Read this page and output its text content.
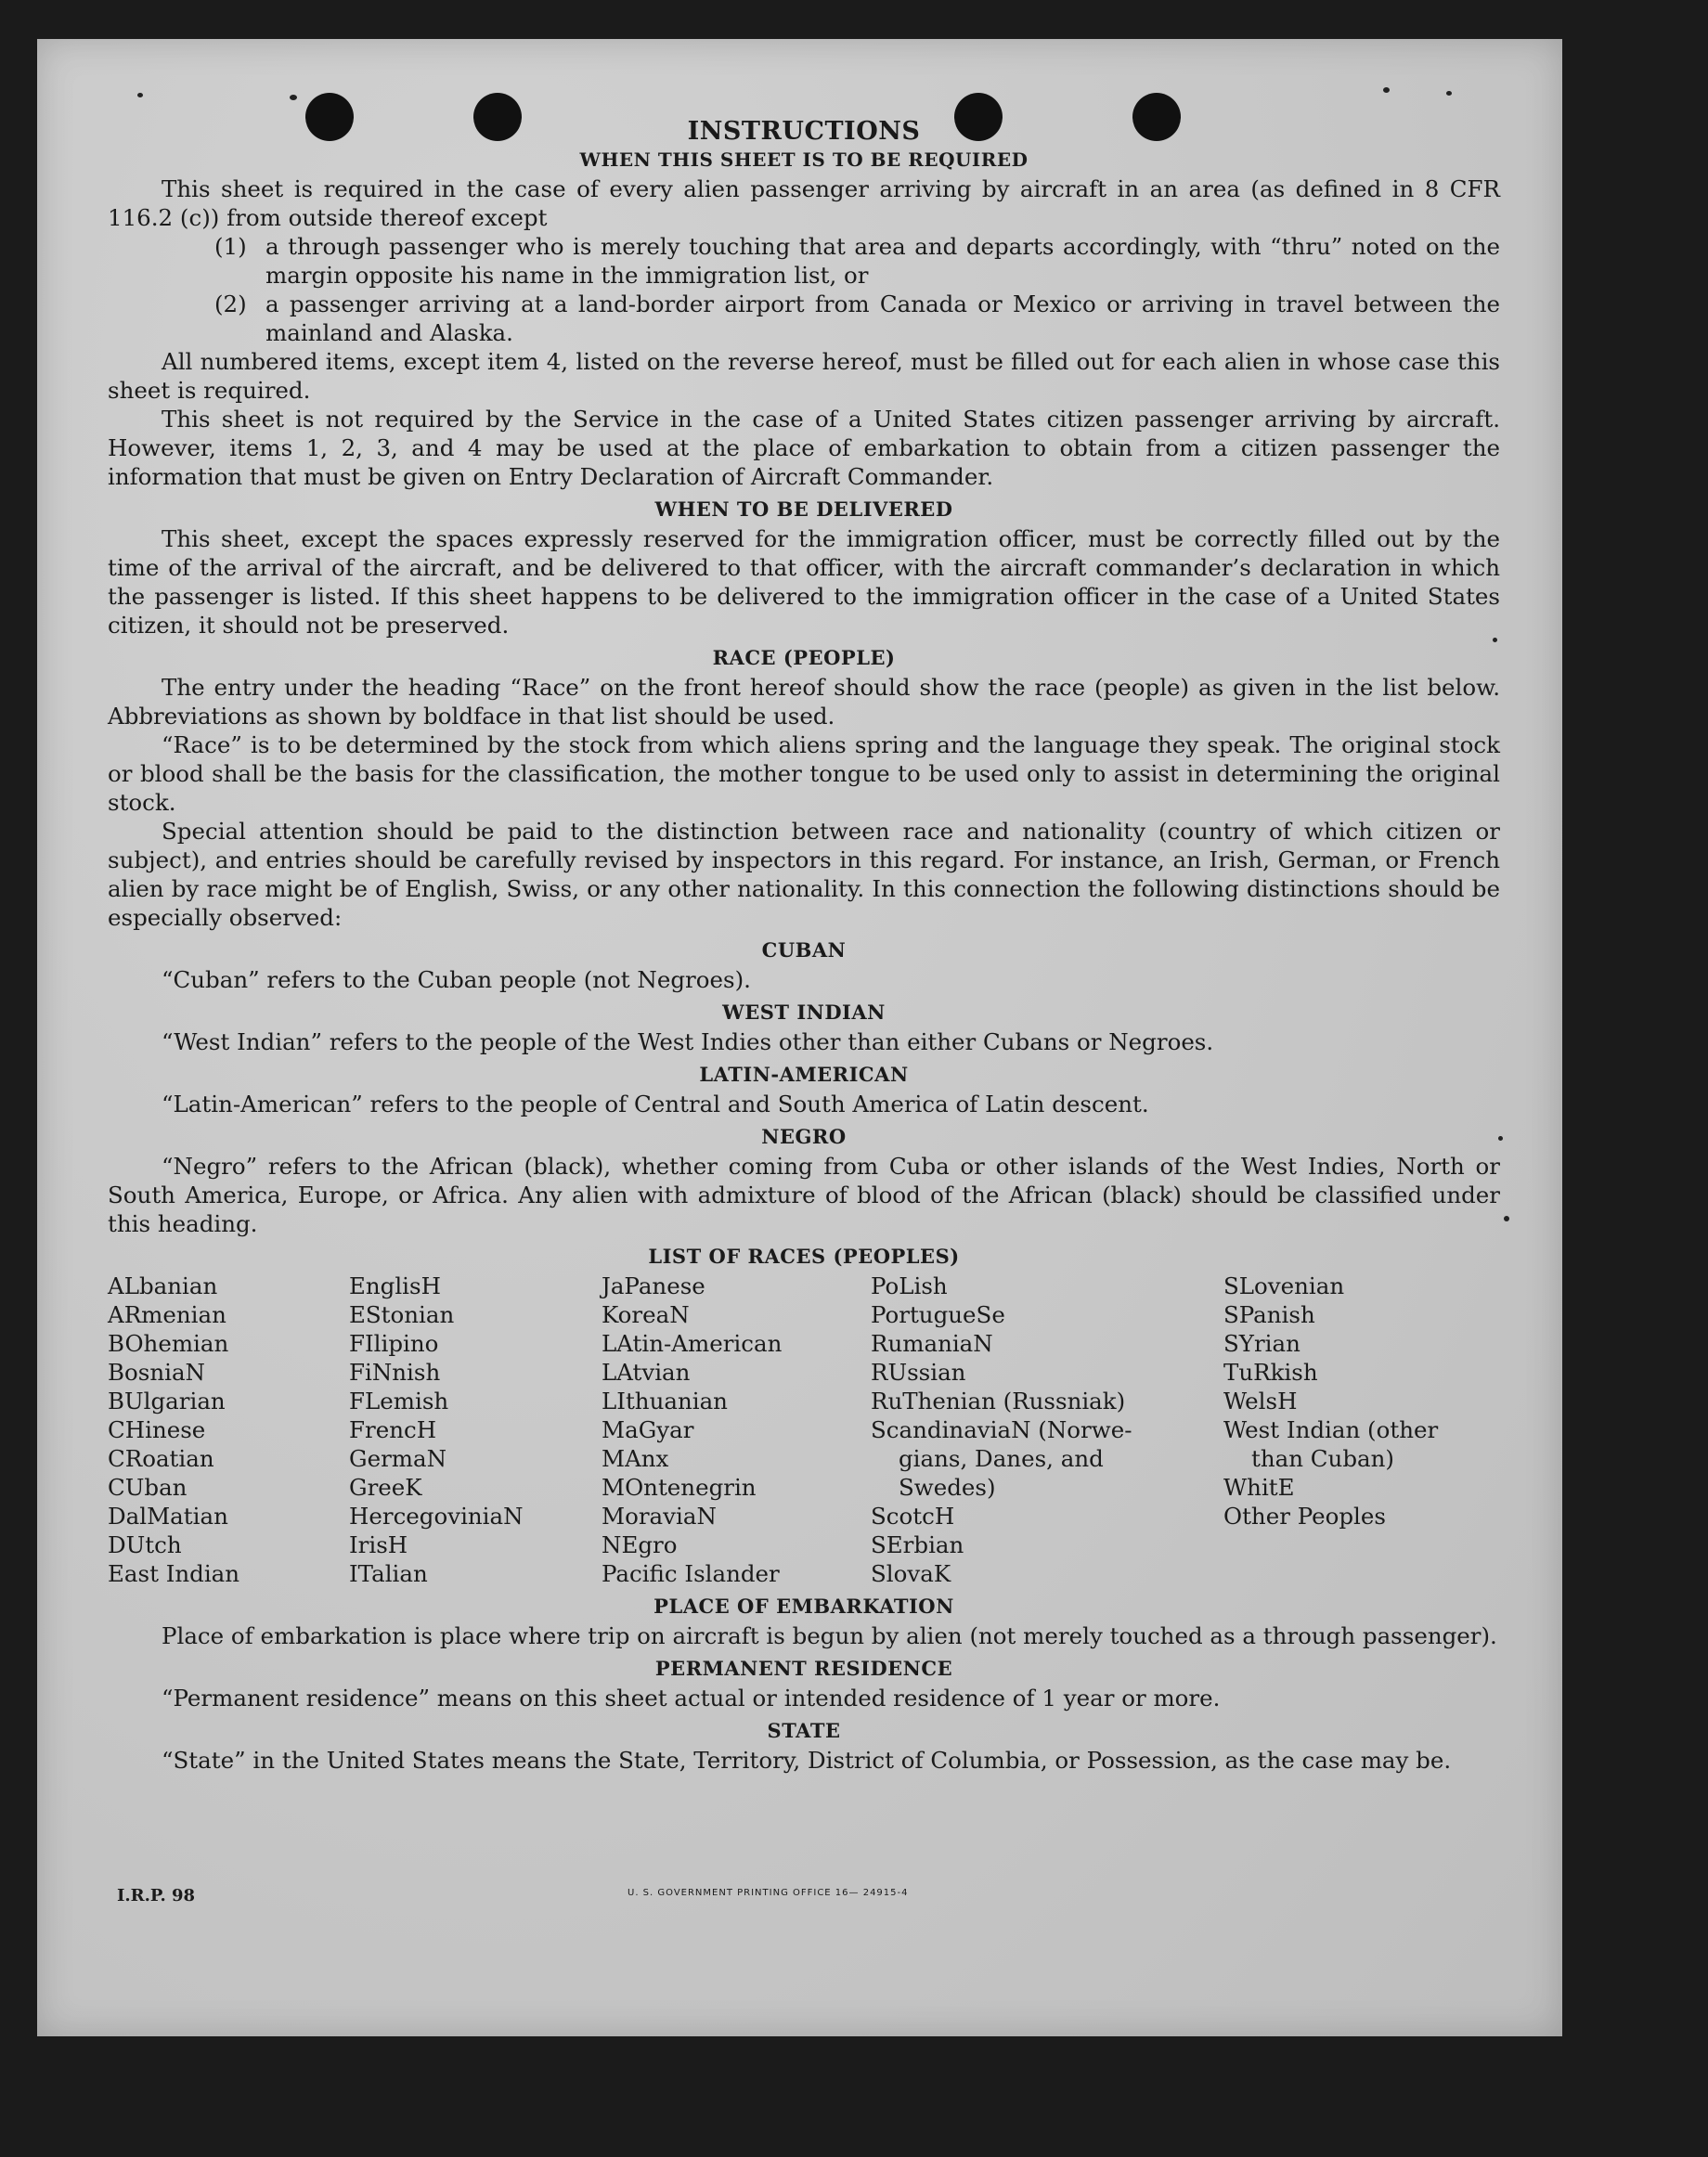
INSTRUCTIONS
WHEN THIS SHEET IS TO BE REQUIRED

This sheet is required in the case of every alien passenger arriving by aircraft in an area (as defined in 8 CFR 116.2 (c)) from outside thereof except

(1) a through passenger who is merely touching that area and departs accordingly, with “thru” noted on the margin opposite his name in the immigration list, or
(2) a passenger arriving at a land-border airport from Canada or Mexico or arriving in travel between the mainland and Alaska.

All numbered items, except item 4, listed on the reverse hereof, must be filled out for each alien in whose case this sheet is required.

This sheet is not required by the Service in the case of a United States citizen passenger arriving by aircraft. However, items 1, 2, 3, and 4 may be used at the place of embarkation to obtain from a citizen passenger the information that must be given on Entry Declaration of Aircraft Commander.

WHEN TO BE DELIVERED

This sheet, except the spaces expressly reserved for the immigration officer, must be correctly filled out by the time of the arrival of the aircraft, and be delivered to that officer, with the aircraft commander’s declaration in which the passenger is listed. If this sheet happens to be delivered to the immigration officer in the case of a United States citizen, it should not be preserved.

RACE (PEOPLE)

The entry under the heading “Race” on the front hereof should show the race (people) as given in the list below. Abbreviations as shown by boldface in that list should be used.

“Race” is to be determined by the stock from which aliens spring and the language they speak. The original stock or blood shall be the basis for the classification, the mother tongue to be used only to assist in determining the original stock.

Special attention should be paid to the distinction between race and nationality (country of which citizen or subject), and entries should be carefully revised by inspectors in this regard. For instance, an Irish, German, or French alien by race might be of English, Swiss, or any other nationality. In this connection the following distinctions should be especially observed:

CUBAN

“Cuban” refers to the Cuban people (not Negroes).

WEST INDIAN

“West Indian” refers to the people of the West Indies other than either Cubans or Negroes.

LATIN-AMERICAN

“Latin-American” refers to the people of Central and South America of Latin descent.

NEGRO

“Negro” refers to the African (black), whether coming from Cuba or other islands of the West Indies, North or South America, Europe, or Africa. Any alien with admixture of blood of the African (black) should be classified under this heading.

LIST OF RACES (PEOPLES)
ALbanian
ARmenian
BOhemian
BosniaN
BUlgarian
CHinese
CRoatian
CUban
DalMatian
DUtch
East Indian
EnglisH
EStonian
FIlipino
FiNnish
FLemish
FrencH
GermaN
GreeK
HercegoviniaN
IrisH
ITalian
JaPanese
KoreaN
LAtin-American
LAtvian
LIthuanian
MaGyar
MAnx
MOntenegrin
MoraviaN
NEgro
Pacific Islander
PoLish
PortugueSe
RumaniaN
RUssian
RuThenian (Russniak)
ScandinaviaN (Norwe-
gians, Danes, and
Swedes)
ScotcH
SErbian
SlovaK
SLovenian
SPanish
SYrian
TuRkish
WelsH
West Indian (other
than Cuban)
WhitE
Other Peoples
PLACE OF EMBARKATION

Place of embarkation is place where trip on aircraft is begun by alien (not merely touched as a through passenger).

PERMANENT RESIDENCE

“Permanent residence” means on this sheet actual or intended residence of 1 year or more.

STATE

“State” in the United States means the State, Territory, District of Columbia, or Possession, as the case may be.

I.R.P. 98	U. S. GOVERNMENT PRINTING OFFICE 16— 24915-4
